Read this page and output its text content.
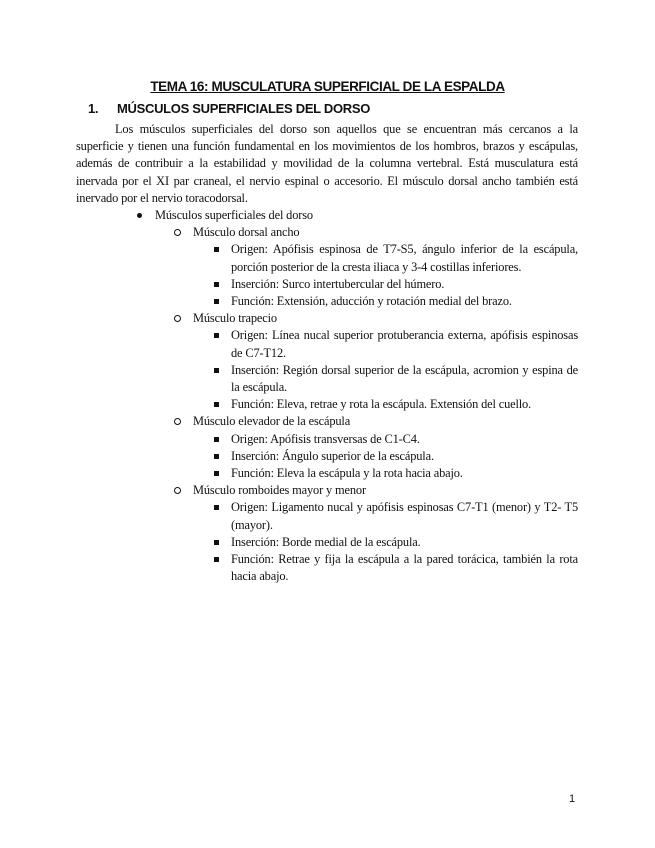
TEMA 16: MUSCULATURA SUPERFICIAL DE LA ESPALDA
1. MÚSCULOS SUPERFICIALES DEL DORSO

Los músculos superficiales del dorso son aquellos que se encuentran más cercanos a la superficie y tienen una función fundamental en los movimientos de los hombros, brazos y escápulas, además de contribuir a la estabilidad y movilidad de la columna vertebral. Está musculatura está inervada por el XI par craneal, el nervio espinal o accesorio. El músculo dorsal ancho también está inervado por el nervio toracodorsal.

Músculos superficiales del dorso
Músculo dorsal ancho
Origen: Apófisis espinosa de T7-S5, ángulo inferior de la escápula, porción posterior de la cresta iliaca y 3-4 costillas inferiores.
Inserción: Surco intertubercular del húmero.
Función: Extensión, aducción y rotación medial del brazo.
Músculo trapecio
Origen: Línea nucal superior protuberancia externa, apófisis espinosas de C7-T12.
Inserción: Región dorsal superior de la escápula, acromion y espina de la escápula.
Función: Eleva, retrae y rota la escápula. Extensión del cuello.
Músculo elevador de la escápula
Origen: Apófisis transversas de C1-C4.
Inserción: Ángulo superior de la escápula.
Función: Eleva la escápula y la rota hacia abajo.
Músculo romboides mayor y menor
Origen: Ligamento nucal y apófisis espinosas C7-T1 (menor) y T2- T5 (mayor).
Inserción: Borde medial de la escápula.
Función: Retrae y fija la escápula a la pared torácica, también la rota hacia abajo.

1
